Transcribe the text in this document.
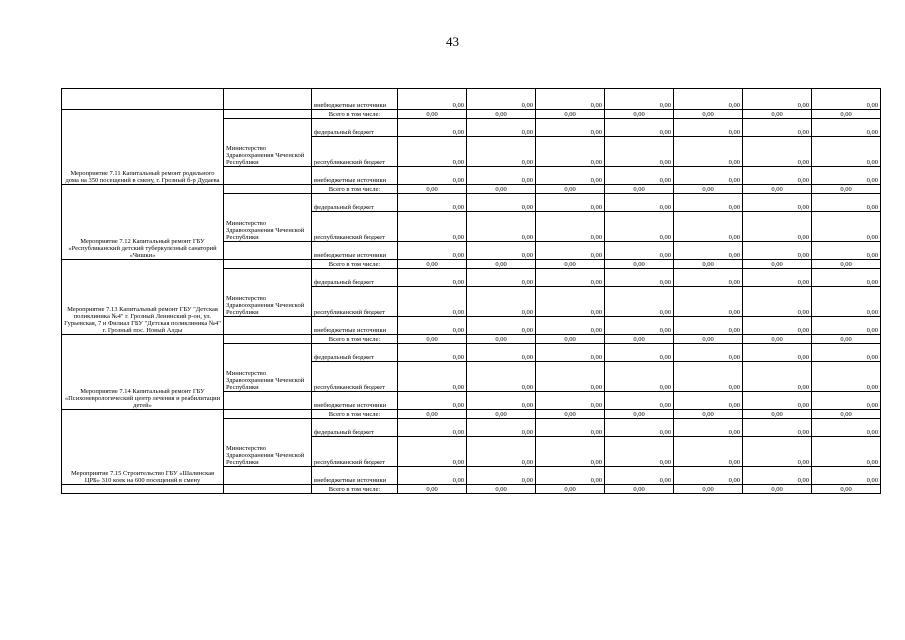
43
		внебюджетные источники	0,00	0,00	0,00	0,00	0,00	0,00	0,00
Мероприятие 7.11 Капитальный ремонт родильного дома на 350 посещений в смену, г. Грозный б-р Дудаева		Всего в том числе:	0,00	0,00	0,00	0,00	0,00	0,00	0,00
	Министерство Здравоохранения Чеченской Республики	федеральный бюджет	0,00	0,00	0,00	0,00	0,00	0,00	0,00
		республиканский бюджет	0,00	0,00	0,00	0,00	0,00	0,00	0,00
		внебюджетные источники	0,00	0,00	0,00	0,00	0,00	0,00	0,00
Мероприятие 7.12 Капитальный ремонт ГБУ «Республиканский детский туберкулезный санаторий «Чишки»		Всего в том числе:	0,00	0,00	0,00	0,00	0,00	0,00	0,00
	Министерство Здравоохранения Чеченской Республики	федеральный бюджет	0,00	0,00	0,00	0,00	0,00	0,00	0,00
		республиканский бюджет	0,00	0,00	0,00	0,00	0,00	0,00	0,00
		внебюджетные источники	0,00	0,00	0,00	0,00	0,00	0,00	0,00
Мероприятие 7.13 Капитальный ремонт ГБУ "Детская поликлиника №4" г. Грозный Ленинский р-он, ул. Гурьевская, 7 и Филиал ГБУ "Детская поликлиника №4" г. Грозный пос. Новый Алды		Всего в том числе:	0,00	0,00	0,00	0,00	0,00	0,00	0,00
	Министерство Здравоохранения Чеченской Республики	федеральный бюджет	0,00	0,00	0,00	0,00	0,00	0,00	0,00
		республиканский бюджет	0,00	0,00	0,00	0,00	0,00	0,00	0,00
		внебюджетные источники	0,00	0,00	0,00	0,00	0,00	0,00	0,00
Мероприятие 7.14 Капитальный ремонт ГБУ «Психоневрологический центр лечения и реабилитации детей»		Всего в том числе:	0,00	0,00	0,00	0,00	0,00	0,00	0,00
	Министерство Здравоохранения Чеченской Республики	федеральный бюджет	0,00	0,00	0,00	0,00	0,00	0,00	0,00
		республиканский бюджет	0,00	0,00	0,00	0,00	0,00	0,00	0,00
		внебюджетные источники	0,00	0,00	0,00	0,00	0,00	0,00	0,00
Мероприятие 7.15 Строительство ГБУ «Шалинская ЦРБ» 310 коек на 600 посещений в смену		Всего в том числе:	0,00	0,00	0,00	0,00	0,00	0,00	0,00
	Министерство Здравоохранения Чеченской Республики	федеральный бюджет	0,00	0,00	0,00	0,00	0,00	0,00	0,00
		республиканский бюджет	0,00	0,00	0,00	0,00	0,00	0,00	0,00
		внебюджетные источники	0,00	0,00	0,00	0,00	0,00	0,00	0,00
		Всего в том числе:	0,00	0,00	0,00	0,00	0,00	0,00	0,00
